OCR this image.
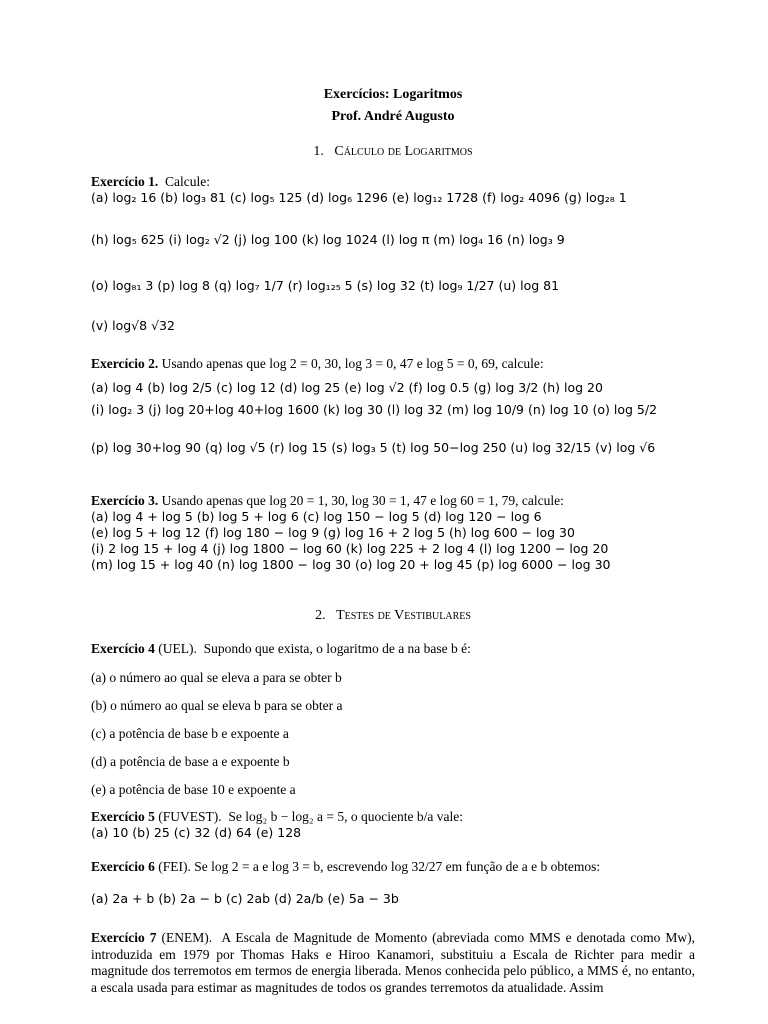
Exercícios: Logaritmos
Prof. André Augusto

1. Cálculo de Logaritmos

Exercício 1. Calcule:
(a) log₂ 16 (b) log₃ 81 (c) log₅ 125 (d) log₆ 1296 (e) log₁₂ 1728 (f) log₂ 4096 (g) log₂₈ 1
(h) log₅ 625 (i) log₂ √2 (j) log 100 (k) log 1024 (l) log π (m) log₄ 16 (n) log₃ 9
(o) log₈₁ 3 (p) log 8 (q) log₇ 1/7 (r) log₁₂₅ 5 (s) log 32 (t) log₉ 1/27 (u) log 81
(v) log√8 √32
Exercício 2. Usando apenas que log 2 = 0, 30, log 3 = 0, 47 e log 5 = 0, 69, calcule:
(a) log 4 (b) log 2/5 (c) log 12 (d) log 25 (e) log √2 (f) log 0.5 (g) log 3/2 (h) log 20
(i) log₂ 3 (j) log 20+log 40+log 1600 (k) log 30 (l) log 32 (m) log 10/9 (n) log 10 (o) log 5/2
(p) log 30+log 90 (q) log √5 (r) log 15 (s) log₃ 5 (t) log 50−log 250 (u) log 32/15 (v) log √6
Exercício 3. Usando apenas que log 20 = 1, 30, log 30 = 1, 47 e log 60 = 1, 79, calcule:
(a) log 4 + log 5 (b) log 5 + log 6 (c) log 150 − log 5 (d) log 120 − log 6
(e) log 5 + log 12 (f) log 180 − log 9 (g) log 16 + 2 log 5 (h) log 600 − log 30
(i) 2 log 15 + log 4 (j) log 1800 − log 60 (k) log 225 + 2 log 4 (l) log 1200 − log 20
(m) log 15 + log 40 (n) log 1800 − log 30 (o) log 20 + log 45 (p) log 6000 − log 30

2. Testes de Vestibulares

Exercício 4 (UEL). Supondo que exista, o logaritmo de a na base b é:
(a) o número ao qual se eleva a para se obter b
(b) o número ao qual se eleva b para se obter a
(c) a potência de base b e expoente a
(d) a potência de base a e expoente b
(e) a potência de base 10 e expoente a
Exercício 5 (FUVEST). Se log₂ b − log₂ a = 5, o quociente b/a vale:
(a) 10 (b) 25 (c) 32 (d) 64 (e) 128
Exercício 6 (FEI). Se log 2 = a e log 3 = b, escrevendo log 32/27 em função de a e b obtemos:
(a) 2a + b (b) 2a − b (c) 2ab (d) 2a/b (e) 5a − 3b
Exercício 7 (ENEM). A Escala de Magnitude de Momento (abreviada como MMS e denotada como Mw), introduzida em 1979 por Thomas Haks e Hiroo Kanamori, substituiu a Escala de Richter para medir a magnitude dos terremotos em termos de energia liberada. Menos conhecida pelo público, a MMS é, no entanto, a escala usada para estimar as magnitudes de todos os grandes terremotos da atualidade. Assim
